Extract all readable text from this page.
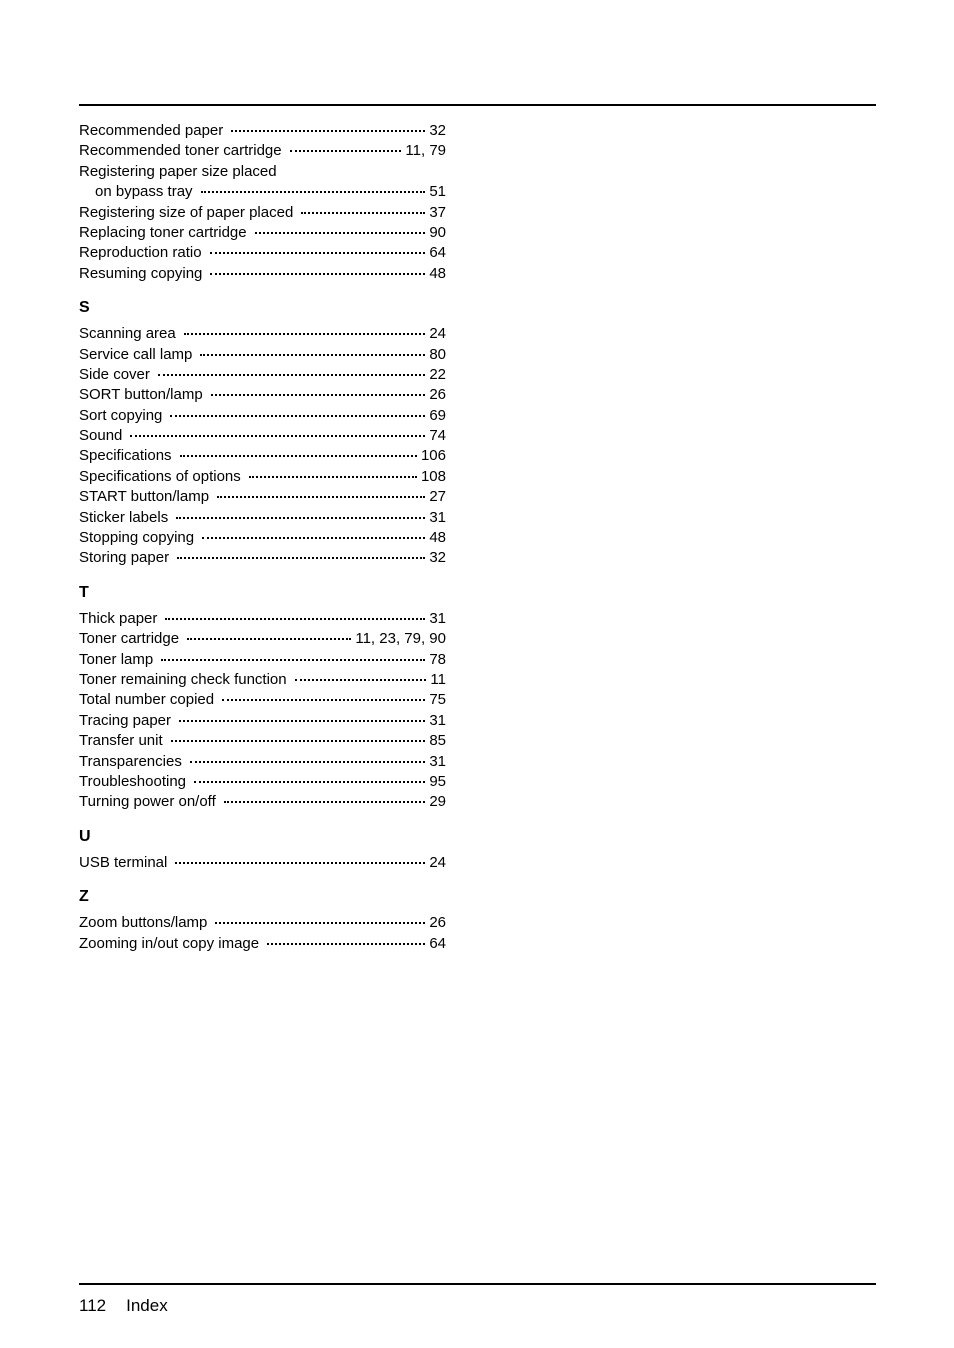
Recommended paper	32
Recommended toner cartridge	11, 79
Registering paper size placed
on bypass tray	51
Registering size of paper placed	37
Replacing toner cartridge	90
Reproduction ratio	64
Resuming copying	48
S
Scanning area	24
Service call lamp	80
Side cover	22
SORT button/lamp	26
Sort copying	69
Sound	74
Specifications	106
Specifications of options	108
START button/lamp	27
Sticker labels	31
Stopping copying	48
Storing paper	32
T
Thick paper	31
Toner cartridge	11, 23, 79, 90
Toner lamp	78
Toner remaining check function	11
Total number copied	75
Tracing paper	31
Transfer unit	85
Transparencies	31
Troubleshooting	95
Turning power on/off	29
U
USB terminal	24
Z
Zoom buttons/lamp	26
Zooming in/out copy image	64
112 Index
